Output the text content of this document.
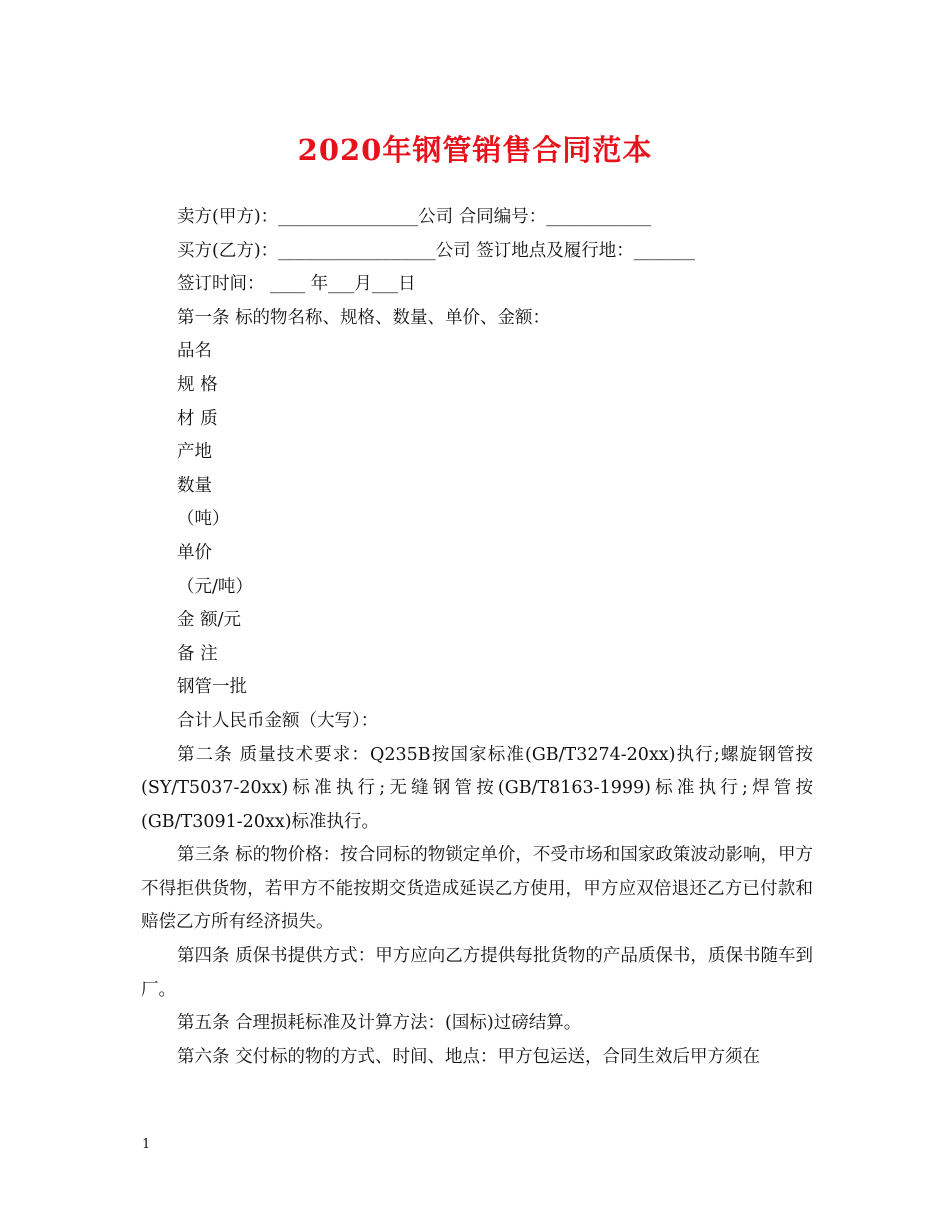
2020年钢管销售合同范本
卖方(甲方)：________________公司 合同编号：____________
买方(乙方)：__________________公司 签订地点及履行地：_______
签订时间： ____ 年___月___日
第一条 标的物名称、规格、数量、单价、金额：
品名
规 格
材 质
产地
数量
（吨）
单价
（元/吨）
金 额/元
备 注
钢管一批
合计人民币金额（大写）：
第二条 质量技术要求：Q235B按国家标准(GB/T3274-20xx)执行;螺旋钢管按(SY/T5037-20xx)标准执行;无缝钢管按(GB/T8163-1999)标准执行;焊管按(GB/T3091-20xx)标准执行。
第三条 标的物价格：按合同标的物锁定单价，不受市场和国家政策波动影响，甲方不得拒供货物，若甲方不能按期交货造成延误乙方使用，甲方应双倍退还乙方已付款和赔偿乙方所有经济损失。
第四条 质保书提供方式：甲方应向乙方提供每批货物的产品质保书，质保书随车到厂。
第五条 合理损耗标准及计算方法：(国标)过磅结算。
第六条 交付标的物的方式、时间、地点：甲方包运送，合同生效后甲方须在
1
